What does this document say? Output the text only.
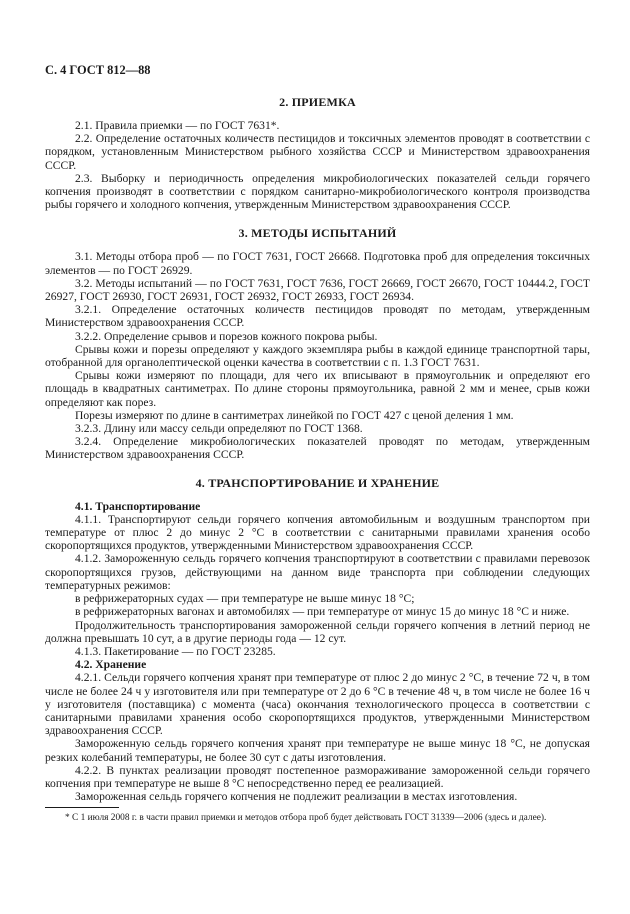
С. 4 ГОСТ 812—88
2. ПРИЕМКА

2.1. Правила приемки — по ГОСТ 7631*.

2.2. Определение остаточных количеств пестицидов и токсичных элементов проводят в соответствии с порядком, установленным Министерством рыбного хозяйства СССР и Министерством здравоохранения СССР.

2.3. Выборку и периодичность определения микробиологических показателей сельди горячего копчения производят в соответствии с порядком санитарно-микробиологического контроля производства рыбы горячего и холодного копчения, утвержденным Министерством здравоохранения СССР.

3. МЕТОДЫ ИСПЫТАНИЙ

3.1. Методы отбора проб — по ГОСТ 7631, ГОСТ 26668. Подготовка проб для определения токсичных элементов — по ГОСТ 26929.

3.2. Методы испытаний — по ГОСТ 7631, ГОСТ 7636, ГОСТ 26669, ГОСТ 26670, ГОСТ 10444.2, ГОСТ 26927, ГОСТ 26930, ГОСТ 26931, ГОСТ 26932, ГОСТ 26933, ГОСТ 26934.

3.2.1. Определение остаточных количеств пестицидов проводят по методам, утвержденным Министерством здравоохранения СССР.

3.2.2. Определение срывов и порезов кожного покрова рыбы.

Срывы кожи и порезы определяют у каждого экземпляра рыбы в каждой единице транспортной тары, отобранной для органолептической оценки качества в соответствии с п. 1.3 ГОСТ 7631.

Срывы кожи измеряют по площади, для чего их вписывают в прямоугольник и определяют его площадь в квадратных сантиметрах. По длине стороны прямоугольника, равной 2 мм и менее, срыв кожи определяют как порез.

Порезы измеряют по длине в сантиметрах линейкой по ГОСТ 427 с ценой деления 1 мм.

3.2.3. Длину или массу сельди определяют по ГОСТ 1368.

3.2.4. Определение микробиологических показателей проводят по методам, утвержденным Министерством здравоохранения СССР.

4. ТРАНСПОРТИРОВАНИЕ И ХРАНЕНИЕ

4.1. Транспортирование

4.1.1. Транспортируют сельди горячего копчения автомобильным и воздушным транспортом при температуре от плюс 2 до минус 2 °С в соответствии с санитарными правилами хранения особо скоропортящихся продуктов, утвержденными Министерством здравоохранения СССР.

4.1.2. Замороженную сельдь горячего копчения транспортируют в соответствии с правилами перевозок скоропортящихся грузов, действующими на данном виде транспорта при соблюдении следующих температурных режимов:

в рефрижераторных судах — при температуре не выше минус 18 °С;

в рефрижераторных вагонах и автомобилях — при температуре от минус 15 до минус 18 °С и ниже.

Продолжительность транспортирования замороженной сельди горячего копчения в летний период не должна превышать 10 сут, а в другие периоды года — 12 сут.

4.1.3. Пакетирование — по ГОСТ 23285.

4.2. Хранение

4.2.1. Сельди горячего копчения хранят при температуре от плюс 2 до минус 2 °С, в течение 72 ч, в том числе не более 24 ч у изготовителя или при температуре от 2 до 6 °С в течение 48 ч, в том числе не более 16 ч у изготовителя (поставщика) с момента (часа) окончания технологического процесса в соответствии с санитарными правилами хранения особо скоропортящихся продуктов, утвержденными Министерством здравоохранения СССР.

Замороженную сельдь горячего копчения хранят при температуре не выше минус 18 °С, не допуская резких колебаний температуры, не более 30 сут с даты изготовления.

4.2.2. В пунктах реализации проводят постепенное размораживание замороженной сельди горячего копчения при температуре не выше 8 °С непосредственно перед ее реализацией.

Замороженная сельдь горячего копчения не подлежит реализации в местах изготовления.

* С 1 июля 2008 г. в части правил приемки и методов отбора проб будет действовать ГОСТ 31339—2006 (здесь и далее).
